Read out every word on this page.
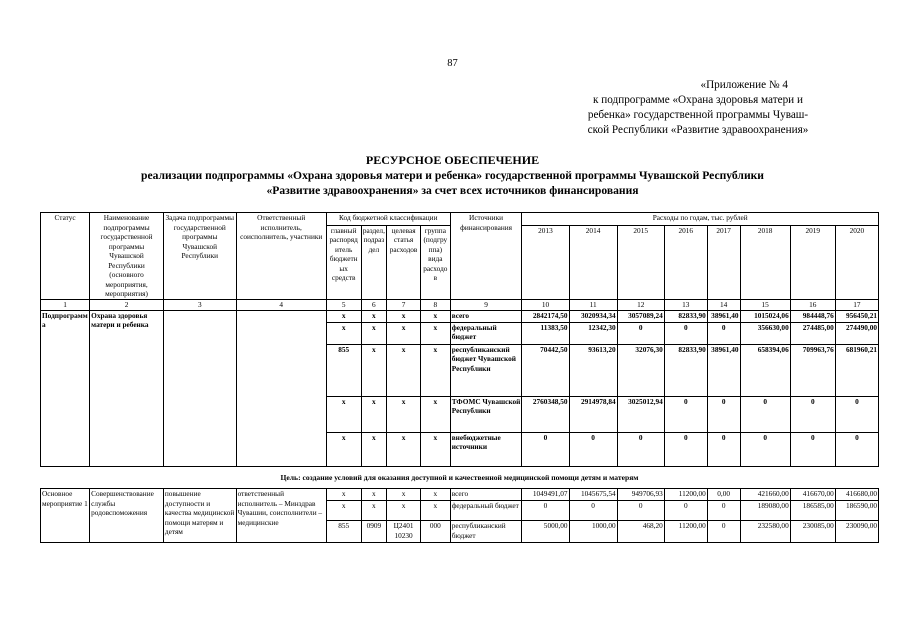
87
«Приложение № 4
к подпрограмме «Охрана здоровья матери и
ребенка» государственной программы Чуваш-
ской Республики «Развитие здравоохранения»
РЕСУРСНОЕ ОБЕСПЕЧЕНИЕ
реализации подпрограммы «Охрана здоровья матери и ребенка» государственной программы Чувашской Республики
«Развитие здравоохранения» за счет всех источников финансирования
Статус	Наименование подпрограммы государственной программы Чувашской Республики (основного мероприятия, мероприятия)	Задача подпрограммы государственной программы Чувашской Республики	Ответственный исполнитель, соисполнитель, участники	Код бюджетной классификации				Источники финансирования	Расходы по годам, тыс. рублей							
				главный распорядитель бюджетных средств	раздел, подраздел	целевая статья расходов	группа (подгруппа) вида расходов		2013	2014	2015	2016	2017	2018	2019	2020
1	2	3	4	5	6	7	8	9	10	11	12	13	14	15	16	17
Подпрограмма	Охрана здоровья матери и ребенка			x	x	x	x	всего	2842174,50	3020934,34	3057089,24	82833,90	38961,40	1015024,06	984448,76	956450,21
				x	x	x	x	федеральный бюджет	11383,50	12342,30	0	0	0	356630,00	274485,00	274490,00
				855	x	x	x	республиканский бюджет Чувашской Республики	70442,50	93613,20	32076,30	82833,90	38961,40	658394,06	709963,76	681960,21
				x	x	x	x	ТФОМС Чувашской Республики	2760348,50	2914978,84	3025012,94	0	0	0	0	0
				x	x	x	x	внебюджетные источники	0	0	0	0	0	0	0	0
Цель: создание условий для оказания доступной и качественной медицинской помощи детям и матерям																
Основное мероприятие 1	Совершенствование службы родовспоможения	повышение доступности и качества медицинской помощи матерям и детям	ответственный исполнитель – Минздрав Чувашии, соисполнители – медицинские	x	x	x	x	всего	1049491,07	1045675,54	949706,93	11200,00	0,00	421660,00	416670,00	416680,00
				x	x	x	x	федеральный бюджет	0	0	0	0	0	189080,00	186585,00	186590,00
				855	0909	Ц2401 10230	000	республиканский бюджет	5000,00	1000,00	468,20	11200,00	0	232580,00	230085,00	230090,00
